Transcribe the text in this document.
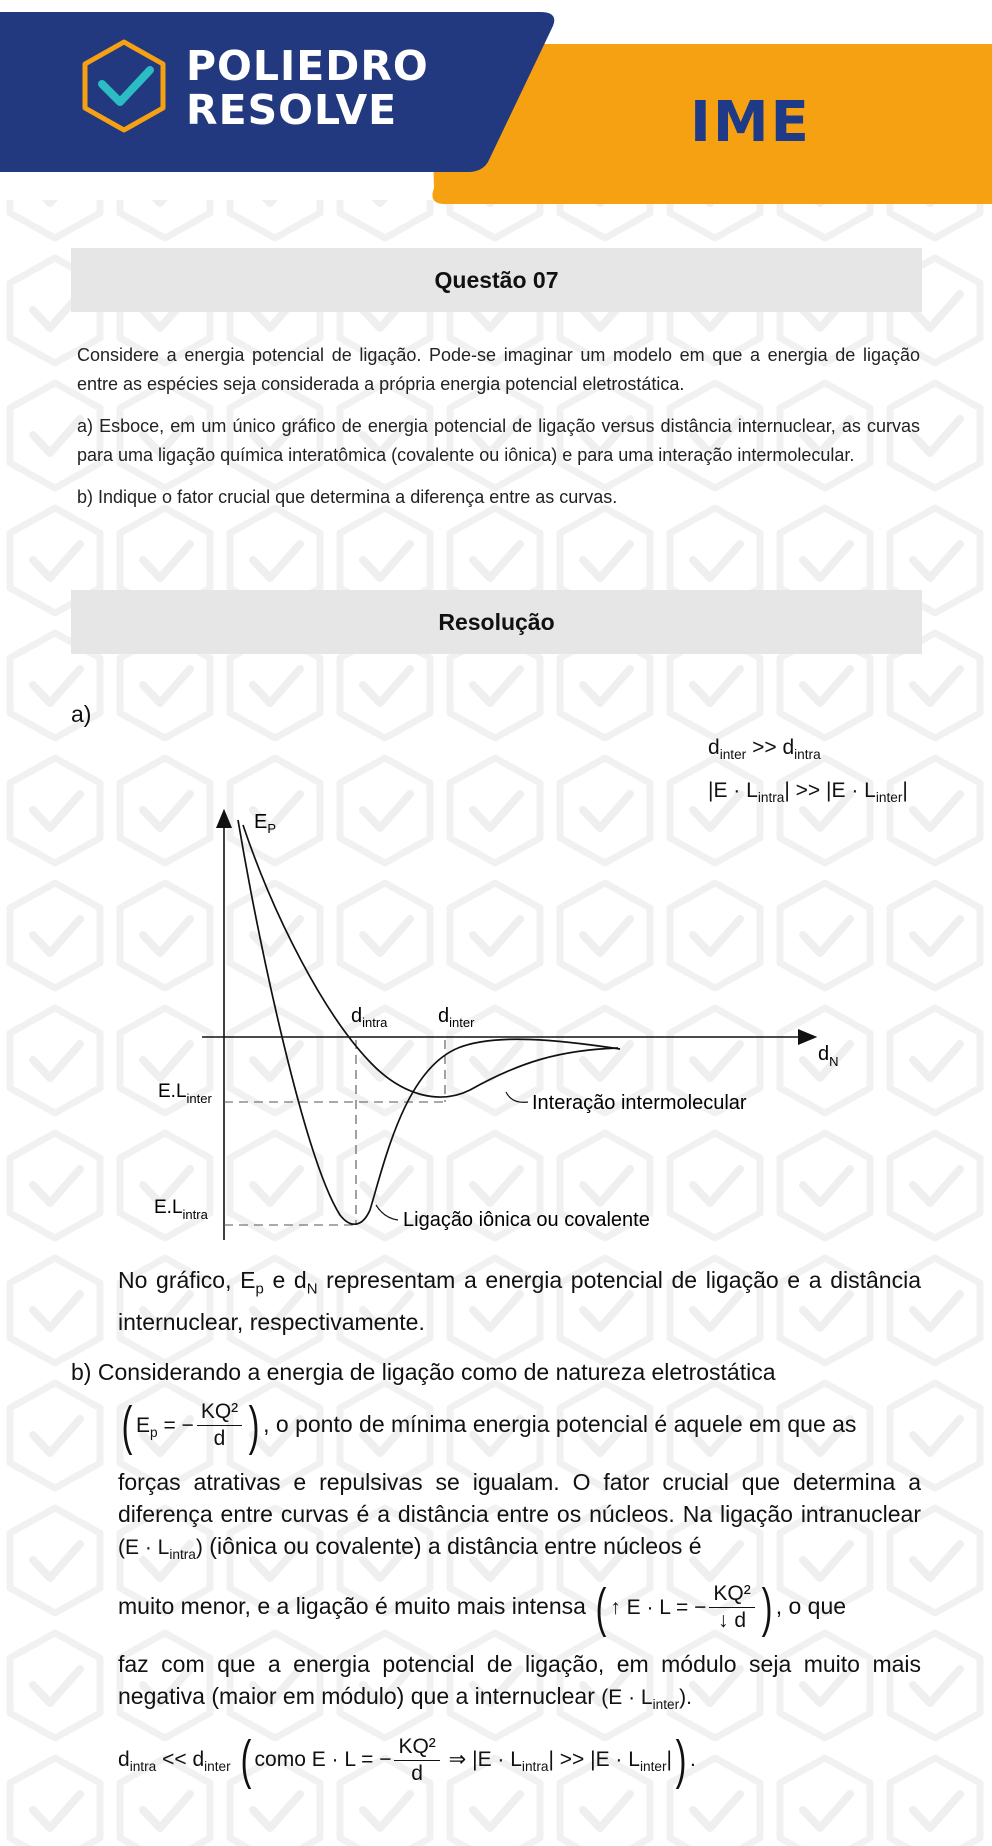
POLIEDRO
RESOLVE	IME
Questão 07

Considere a energia potencial de ligação. Pode-se imaginar um modelo em que a energia de ligação entre as espécies seja considerada a própria energia potencial eletrostática.

a) Esboce, em um único gráfico de energia potencial de ligação versus distância internuclear, as curvas para uma ligação química interatômica (covalente ou iônica) e para uma interação intermolecular.

b) Indique o fator crucial que determina a diferença entre as curvas.

Resolução
a)
$d_{inter} >> d_{intra}$
$|E \cdot L_{intra}| >> |E \cdot L_{inter}|$
$E_P$
$d_N$
$d_{intra}$	$d_{inter}$
$E.L_{inter}$
$E.L_{intra}$
Interação intermolecular
Ligação iônica ou covalente
No gráfico, $E_p$ e $d_N$ representam a energia potencial de ligação e a distância internuclear, respectivamente.
b) Considerando a energia de ligação como de natureza eletrostática
( $E_p$ = − $\frac{\text{KQ²}}{d}$ ) , o ponto de mínima energia potencial é aquele em que as
forças atrativas e repulsivas se igualam. O fator crucial que determina a diferença entre curvas é a distância entre os núcleos. Na ligação intranuclear $(E \cdot L_{intra})$ (iônica ou covalente) a distância entre núcleos é
muito menor, e a ligação é muito mais intensa ( ↑ E · L = − $\frac{\text{KQ²}}{↓ d}$ ) , o que
faz com que a energia potencial de ligação, em módulo seja muito mais negativa (maior em módulo) que a internuclear $(E \cdot L_{inter})$.
$d_{intra} << d_{inter}$ ( como E · L = − $\frac{\text{KQ²}}{d}$ ⇒ $|E \cdot L_{intra}| >> |E \cdot L_{inter}|$) .
